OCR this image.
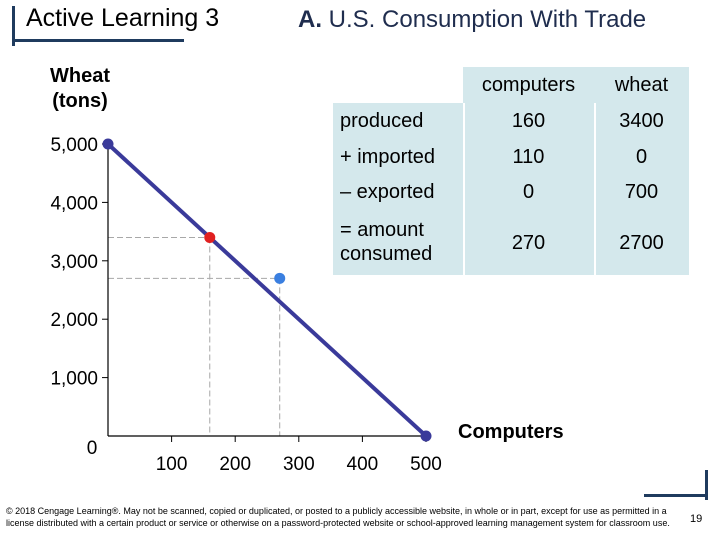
Active Learning 3	A. U.S. Consumption With Trade
0
1,000
2,000
3,000
4,000
5,000
100 200 300 400 500
Wheat (tons)
Computers
computers	wheat
produced	160	3400
+ imported	110	0
– exported	0	700
= amount consumed	270	2700
© 2018 Cengage Learning®. May not be scanned, copied or duplicated, or posted to a publicly accessible website, in whole or in part, except for use as permitted in a license distributed with a certain product or service or otherwise on a password-protected website or school-approved learning management system for classroom use.	19
